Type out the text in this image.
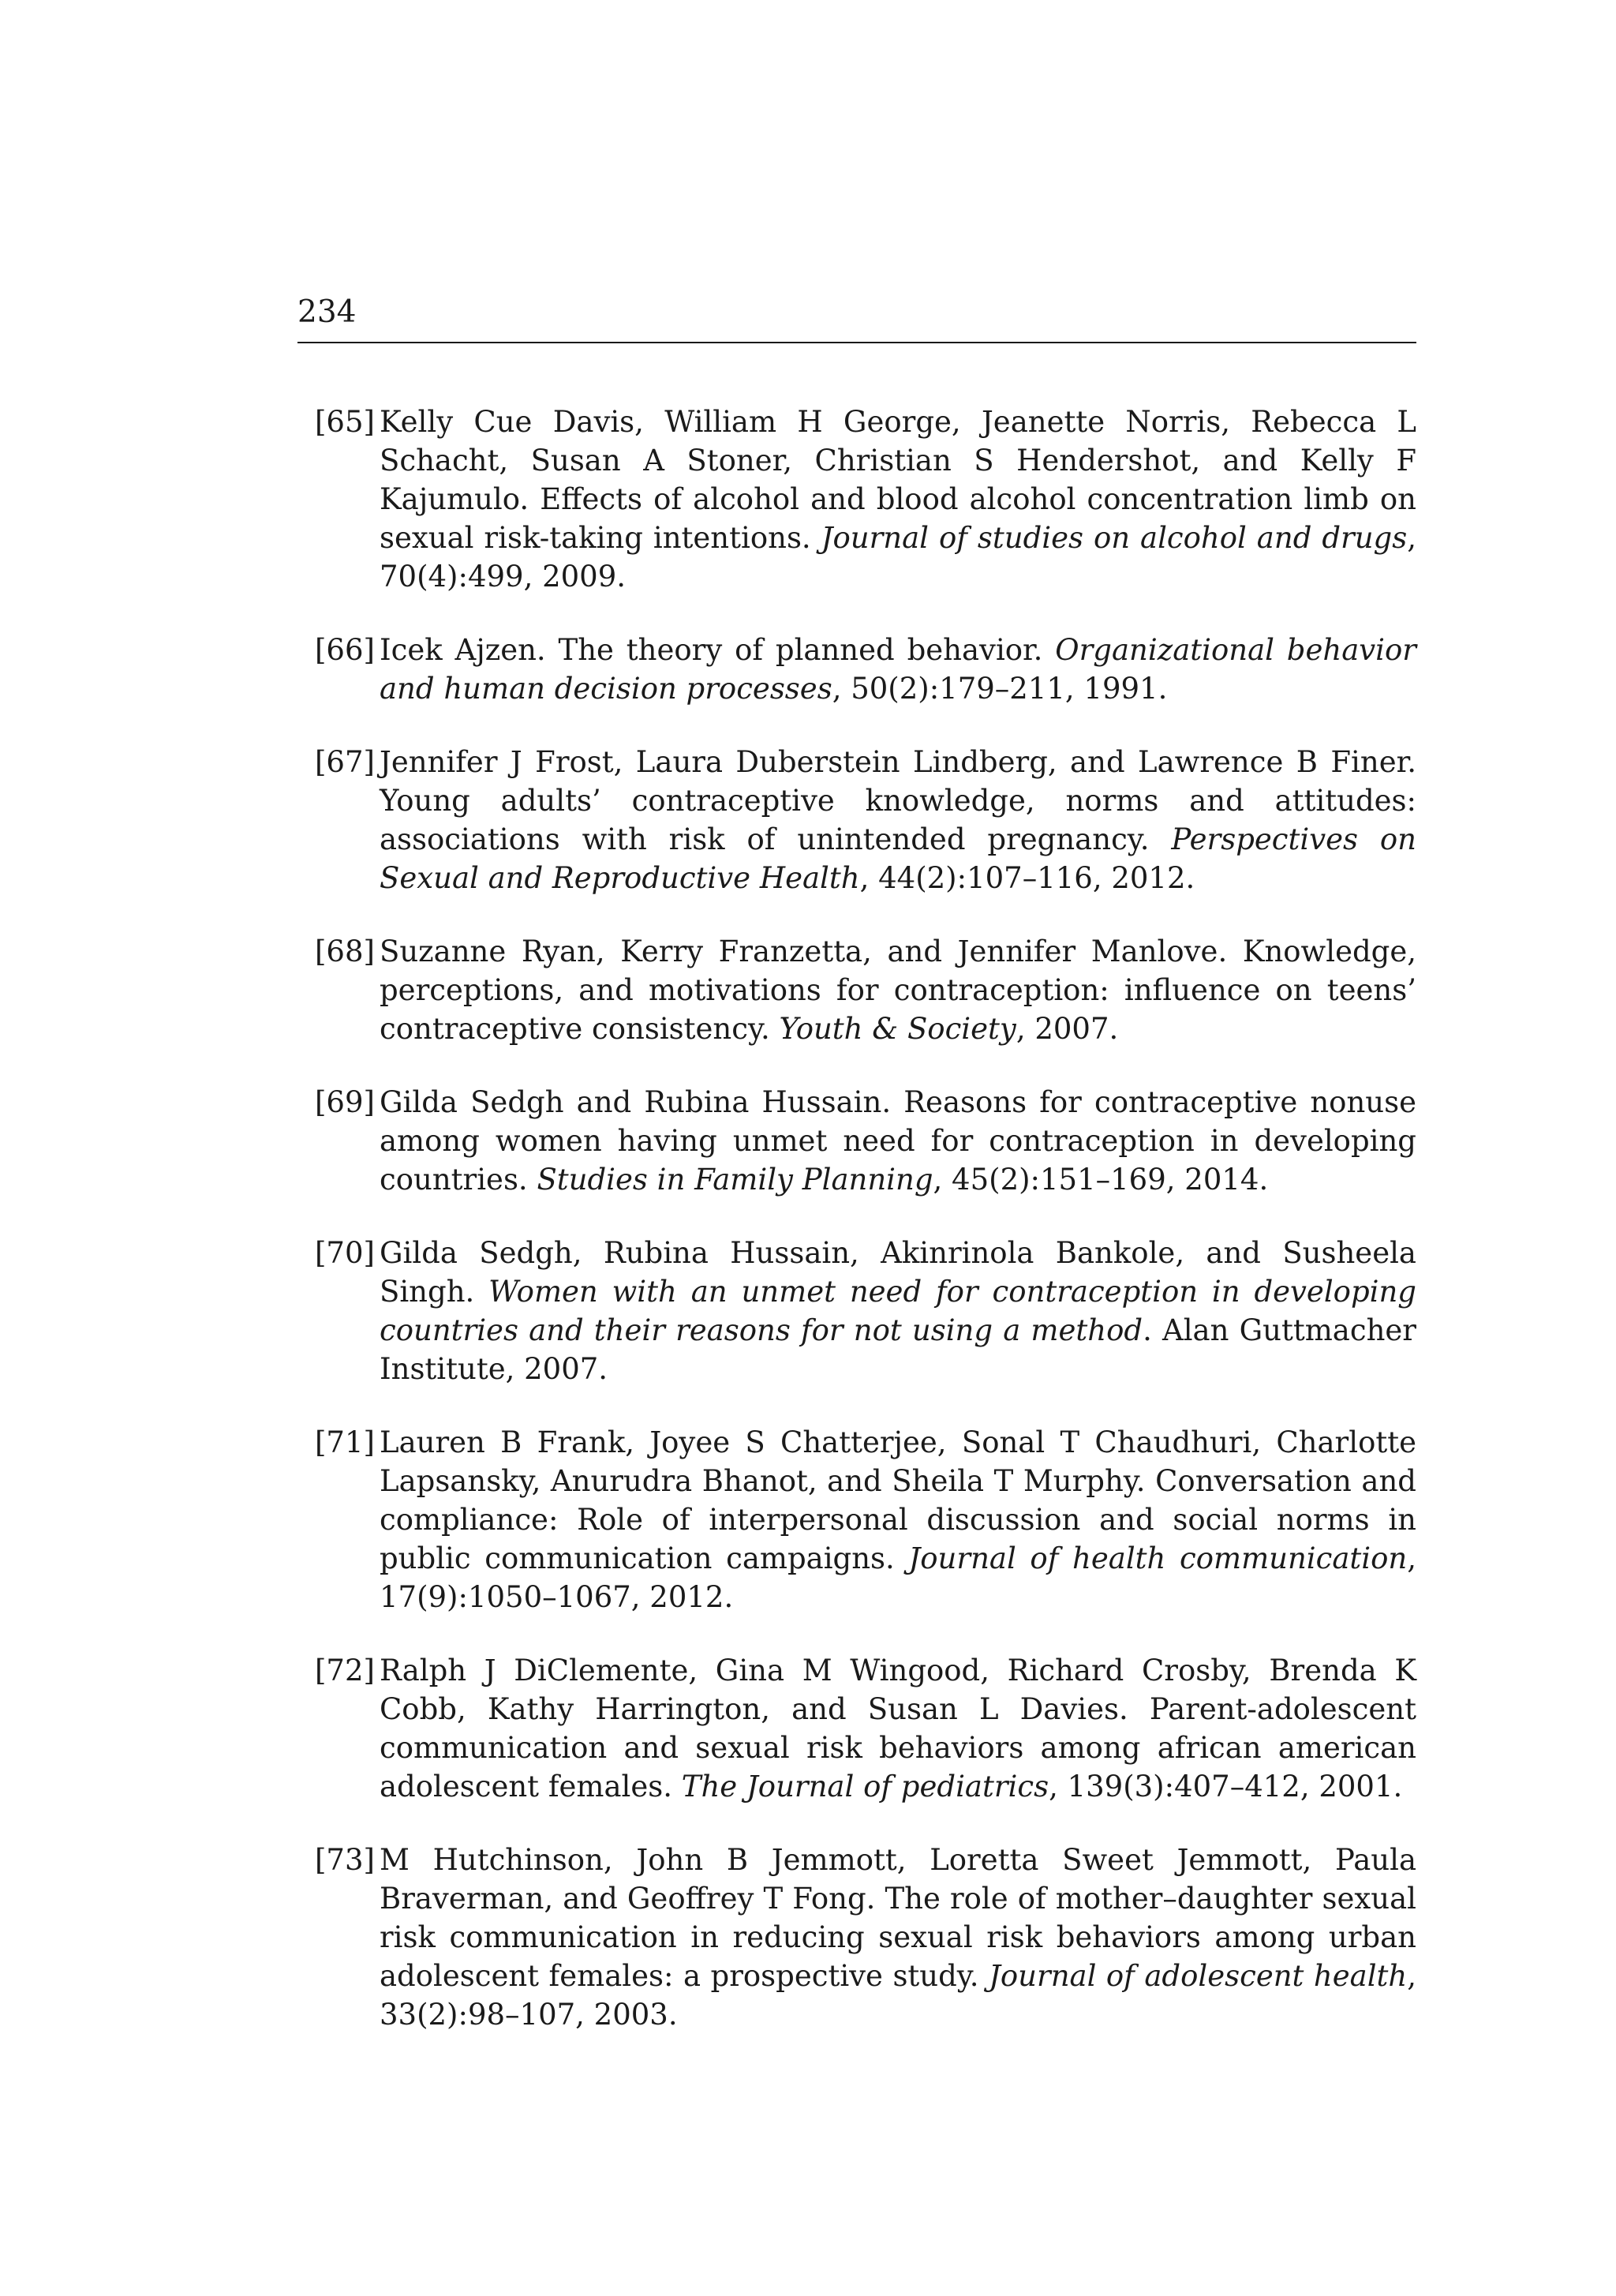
234
[65] Kelly Cue Davis, William H George, Jeanette Norris, Rebecca L Schacht, Susan A Stoner, Christian S Hendershot, and Kelly F Kajumulo. Effects of alcohol and blood alcohol concentration limb on sexual risk-taking intentions. Journal of studies on alcohol and drugs, 70(4):499, 2009.
[66] Icek Ajzen. The theory of planned behavior. Organizational behavior and human decision processes, 50(2):179–211, 1991.
[67] Jennifer J Frost, Laura Duberstein Lindberg, and Lawrence B Finer. Young adults’ contraceptive knowledge, norms and attitudes: associations with risk of unintended pregnancy. Perspectives on Sexual and Reproductive Health, 44(2):107–116, 2012.
[68] Suzanne Ryan, Kerry Franzetta, and Jennifer Manlove. Knowledge, perceptions, and motivations for contraception: influence on teens’ contraceptive consistency. Youth & Society, 2007.
[69] Gilda Sedgh and Rubina Hussain. Reasons for contraceptive nonuse among women having unmet need for contraception in developing countries. Studies in Family Planning, 45(2):151–169, 2014.
[70] Gilda Sedgh, Rubina Hussain, Akinrinola Bankole, and Susheela Singh. Women with an unmet need for contraception in developing countries and their reasons for not using a method. Alan Guttmacher Institute, 2007.
[71] Lauren B Frank, Joyee S Chatterjee, Sonal T Chaudhuri, Charlotte Lapsansky, Anurudra Bhanot, and Sheila T Murphy. Conversation and compliance: Role of interpersonal discussion and social norms in public communication campaigns. Journal of health communication, 17(9):1050–1067, 2012.
[72] Ralph J DiClemente, Gina M Wingood, Richard Crosby, Brenda K Cobb, Kathy Harrington, and Susan L Davies. Parent-adolescent communication and sexual risk behaviors among african american adolescent females. The Journal of pediatrics, 139(3):407–412, 2001.
[73] M Hutchinson, John B Jemmott, Loretta Sweet Jemmott, Paula Braverman, and Geoffrey T Fong. The role of mother–daughter sexual risk communication in reducing sexual risk behaviors among urban adolescent females: a prospective study. Journal of adolescent health, 33(2):98–107, 2003.
